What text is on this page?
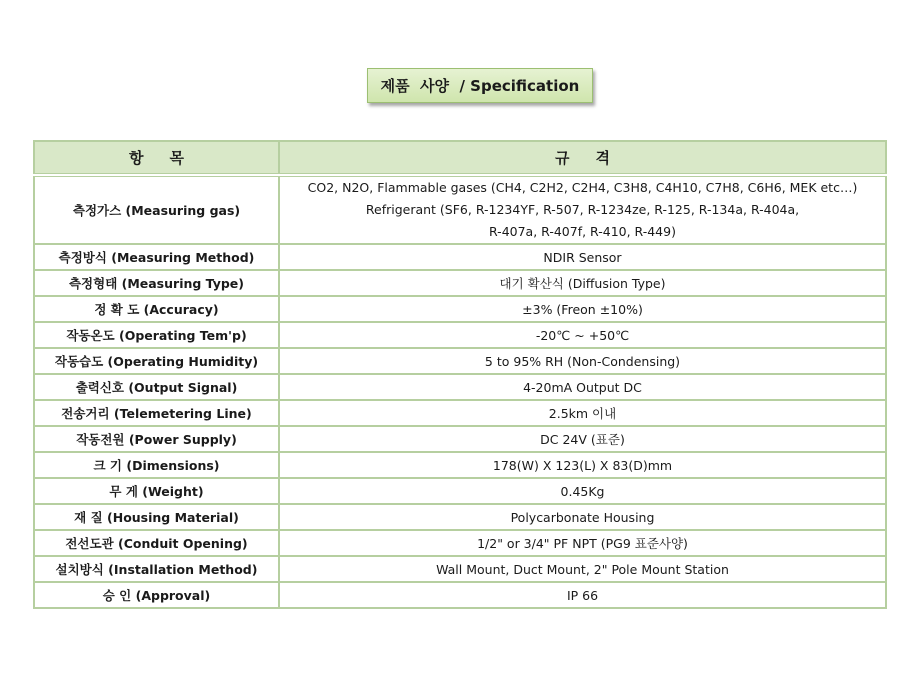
제품  사양  / Specification
항     목	규     격
측정가스 (Measuring gas)	CO2, N2O, Flammable gases (CH4, C2H2, C2H4, C3H8, C4H10, C7H8, C6H6, MEK etc…)
Refrigerant (SF6, R-1234YF, R-507, R-1234ze, R-125, R-134a, R-404a,
R-407a, R-407f, R-410, R-449)

측정방식 (Measuring Method)	NDIR Sensor
측정형태 (Measuring Type)	대기 확산식 (Diffusion Type)
정 확 도 (Accuracy)	±3% (Freon ±10%)
작동온도 (Operating Tem'p)	-20℃ ~ +50℃
작동습도 (Operating Humidity)	5 to 95% RH (Non-Condensing)
출력신호 (Output Signal)	4-20mA Output DC
전송거리 (Telemetering Line)	2.5km 이내
작동전원 (Power Supply)	DC 24V (표준)
크 기 (Dimensions)	178(W) X 123(L) X 83(D)mm
무 게 (Weight)	0.45Kg
재 질 (Housing Material)	Polycarbonate Housing
전선도관 (Conduit Opening)	1/2" or 3/4" PF NPT (PG9 표준사양)
설치방식 (Installation Method)	Wall Mount, Duct Mount, 2" Pole Mount Station
승 인 (Approval)	IP 66
